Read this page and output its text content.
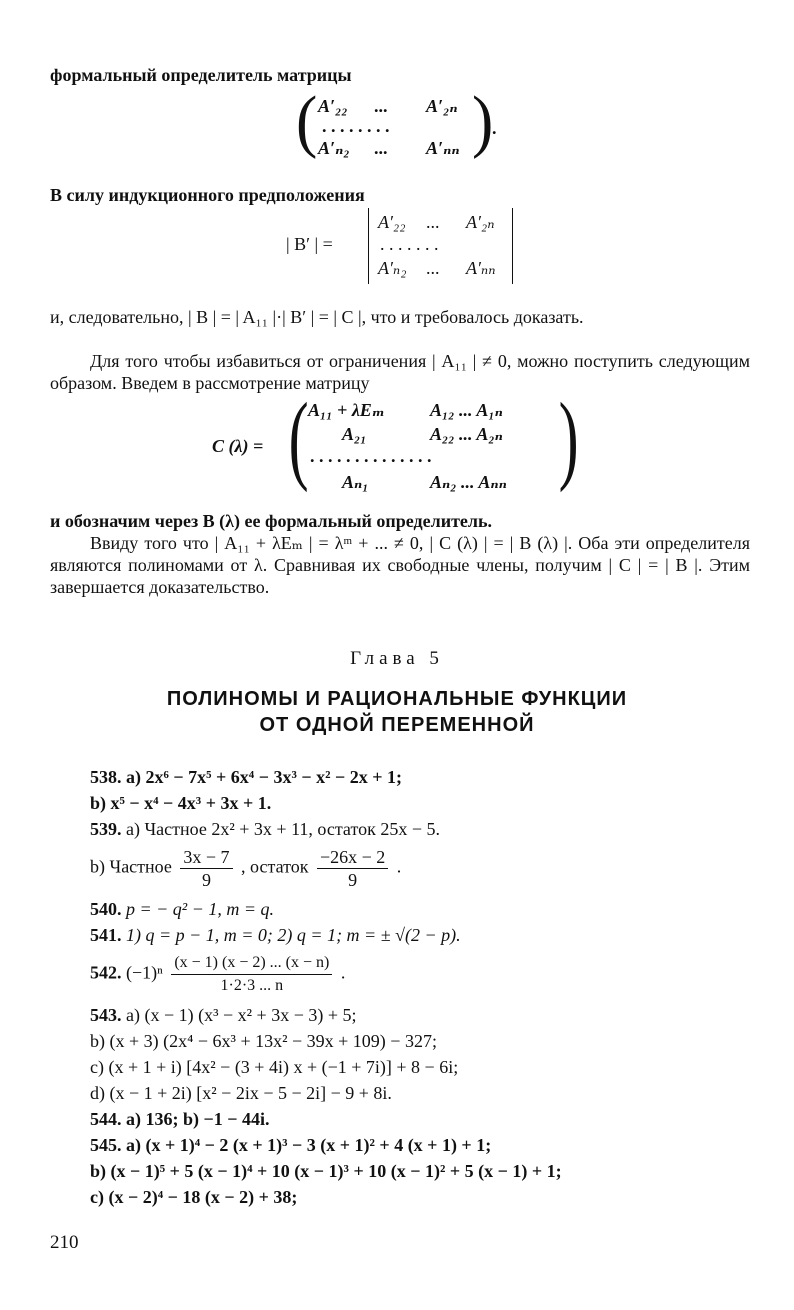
формальный определитель матрицы
( A′₂₂ ... A′₂ₙ
. . . . . . . .
A′ₙ₂ ... A′ₙₙ )
.
В силу индукционного предположения
| B′ | =
A′₂₂ ... A′₂ₙ
. . . . . . .
A′ₙ₂ ... A′ₙₙ
и, следовательно, | B | = | A₁₁ |·| B′ | = | C |, что и требовалось доказать.
Для того чтобы избавиться от ограничения | A₁₁ | ≠ 0, можно поступить следующим образом. Введем в рассмотрение матрицу
C (λ) = ( A₁₁ + λEₘ	A₁₂ ... A₁ₙ
A₂₁	A₂₂ ... A₂ₙ
. . . . . . . . . . . . . .
Aₙ₁	Aₙ₂ ... Aₙₙ )
и обозначим через B (λ) ее формальный определитель.
Ввиду того что | A₁₁ + λEₘ | = λᵐ + ... ≠ 0, | C (λ) | = | B (λ) |. Оба эти определителя являются полиномами от λ. Сравнивая их свободные члены, получим | C | = | B |. Этим завершается доказательство.
Глава 5
ПОЛИНОМЫ И РАЦИОНАЛЬНЫЕ ФУНКЦИИ
ОТ ОДНОЙ ПЕРЕМЕННОЙ
538. a) 2x⁶ − 7x⁵ + 6x⁴ − 3x³ − x² − 2x + 1;
b) x⁵ − x⁴ − 4x³ + 3x + 1.
539. a) Частное 2x² + 3x + 11, остаток 25x − 5.
b) Частное $\frac{3x - 7}{9}$ , остаток $\frac{-26x - 2}{9}$ .
540. p = − q² − 1, m = q.
541. 1) q = p − 1, m = 0; 2) q = 1; m = ± √(2 − p).
542. $(-1)^n \frac{(x - 1) (x - 2) ... (x - n)}{1\cdot 2\cdot 3 ... n}$ .
543. a) (x − 1) (x³ − x² + 3x − 3) + 5;
b) (x + 3) (2x⁴ − 6x³ + 13x² − 39x + 109) − 327;
c) (x + 1 + i) [4x² − (3 + 4i) x + (−1 + 7i)] + 8 − 6i;
d) (x − 1 + 2i) [x² − 2ix − 5 − 2i] − 9 + 8i.
544. a) 136; b) −1 − 44i.
545. a) (x + 1)⁴ − 2 (x + 1)³ − 3 (x + 1)² + 4 (x + 1) + 1;
b) (x − 1)⁵ + 5 (x − 1)⁴ + 10 (x − 1)³ + 10 (x − 1)² + 5 (x − 1) + 1;
c) (x − 2)⁴ − 18 (x − 2) + 38;
210
